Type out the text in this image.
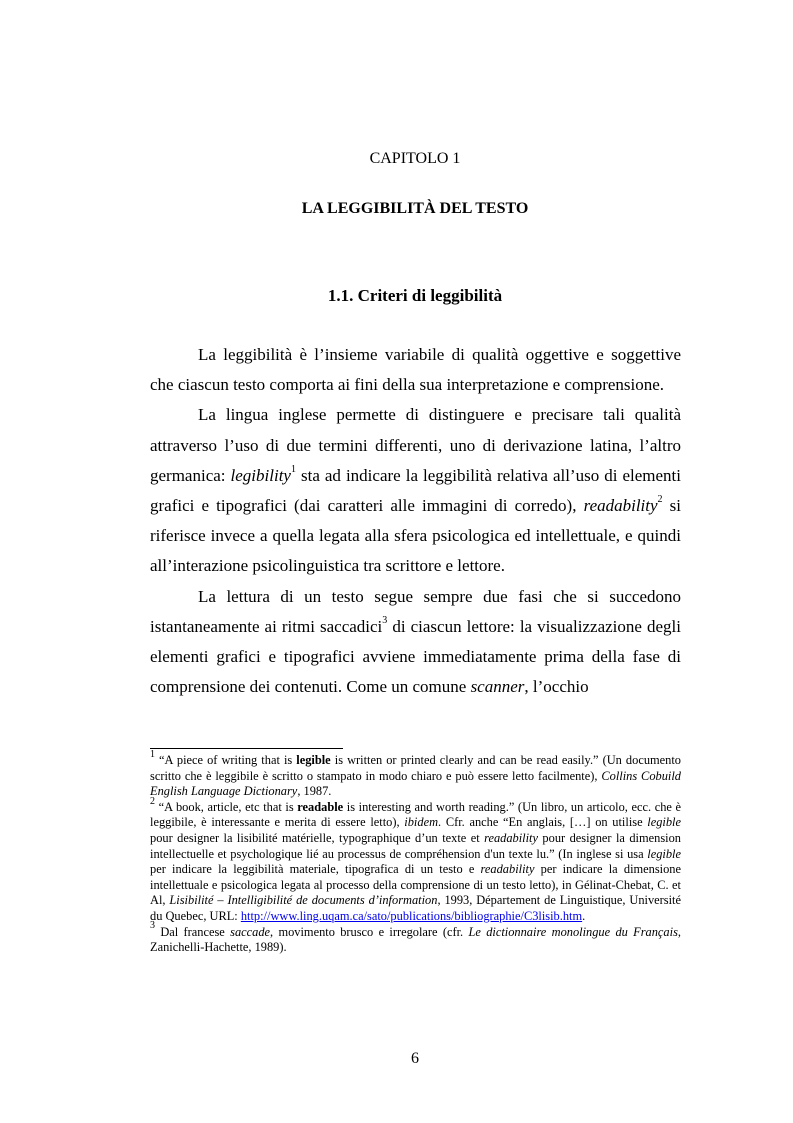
CAPITOLO 1
LA LEGGIBILITÀ DEL TESTO
1.1. Criteri di leggibilità

La leggibilità è l’insieme variabile di qualità oggettive e soggettive che ciascun testo comporta ai fini della sua interpretazione e comprensione.

La lingua inglese permette di distinguere e precisare tali qualità attraverso l’uso di due termini differenti, uno di derivazione latina, l’altro germanica: legibility$^1$ sta ad indicare la leggibilità relativa all’uso di elementi grafici e tipografici (dai caratteri alle immagini di corredo), readability$^2$ si riferisce invece a quella legata alla sfera psicologica ed intellettuale, e quindi all’interazione psicolinguistica tra scrittore e lettore.

La lettura di un testo segue sempre due fasi che si succedono istantaneamente ai ritmi saccadici$^3$ di ciascun lettore: la visualizzazione degli elementi grafici e tipografici avviene immediatamente prima della fase di comprensione dei contenuti. Come un comune scanner, l’occhio

$^1$ “A piece of writing that is legible is written or printed clearly and can be read easily.” (Un documento scritto che è leggibile è scritto o stampato in modo chiaro e può essere letto facilmente), Collins Cobuild English Language Dictionary, 1987.

$^2$ “A book, article, etc that is readable is interesting and worth reading.” (Un libro, un articolo, ecc. che è leggibile, è interessante e merita di essere letto), ibidem. Cfr. anche “En anglais, […] on utilise legible pour designer la lisibilité matérielle, typographique d’un texte et readability pour designer la dimension intellectuelle et psychologique lié au processus de compréhension d'un texte lu.” (In inglese si usa legible per indicare la leggibilità materiale, tipografica di un testo e readability per indicare la dimensione intellettuale e psicologica legata al processo della comprensione di un testo letto), in Gélinat-Chebat, C. et Al, Lisibilité – Intelligibilité de documents d’information, 1993, Département de Linguistique, Université du Quebec, URL: http://www.ling.uqam.ca/sato/publications/bibliographie/C3lisib.htm.

$^3$ Dal francese saccade, movimento brusco e irregolare (cfr. Le dictionnaire monolingue du Français, Zanichelli-Hachette, 1989).

6
